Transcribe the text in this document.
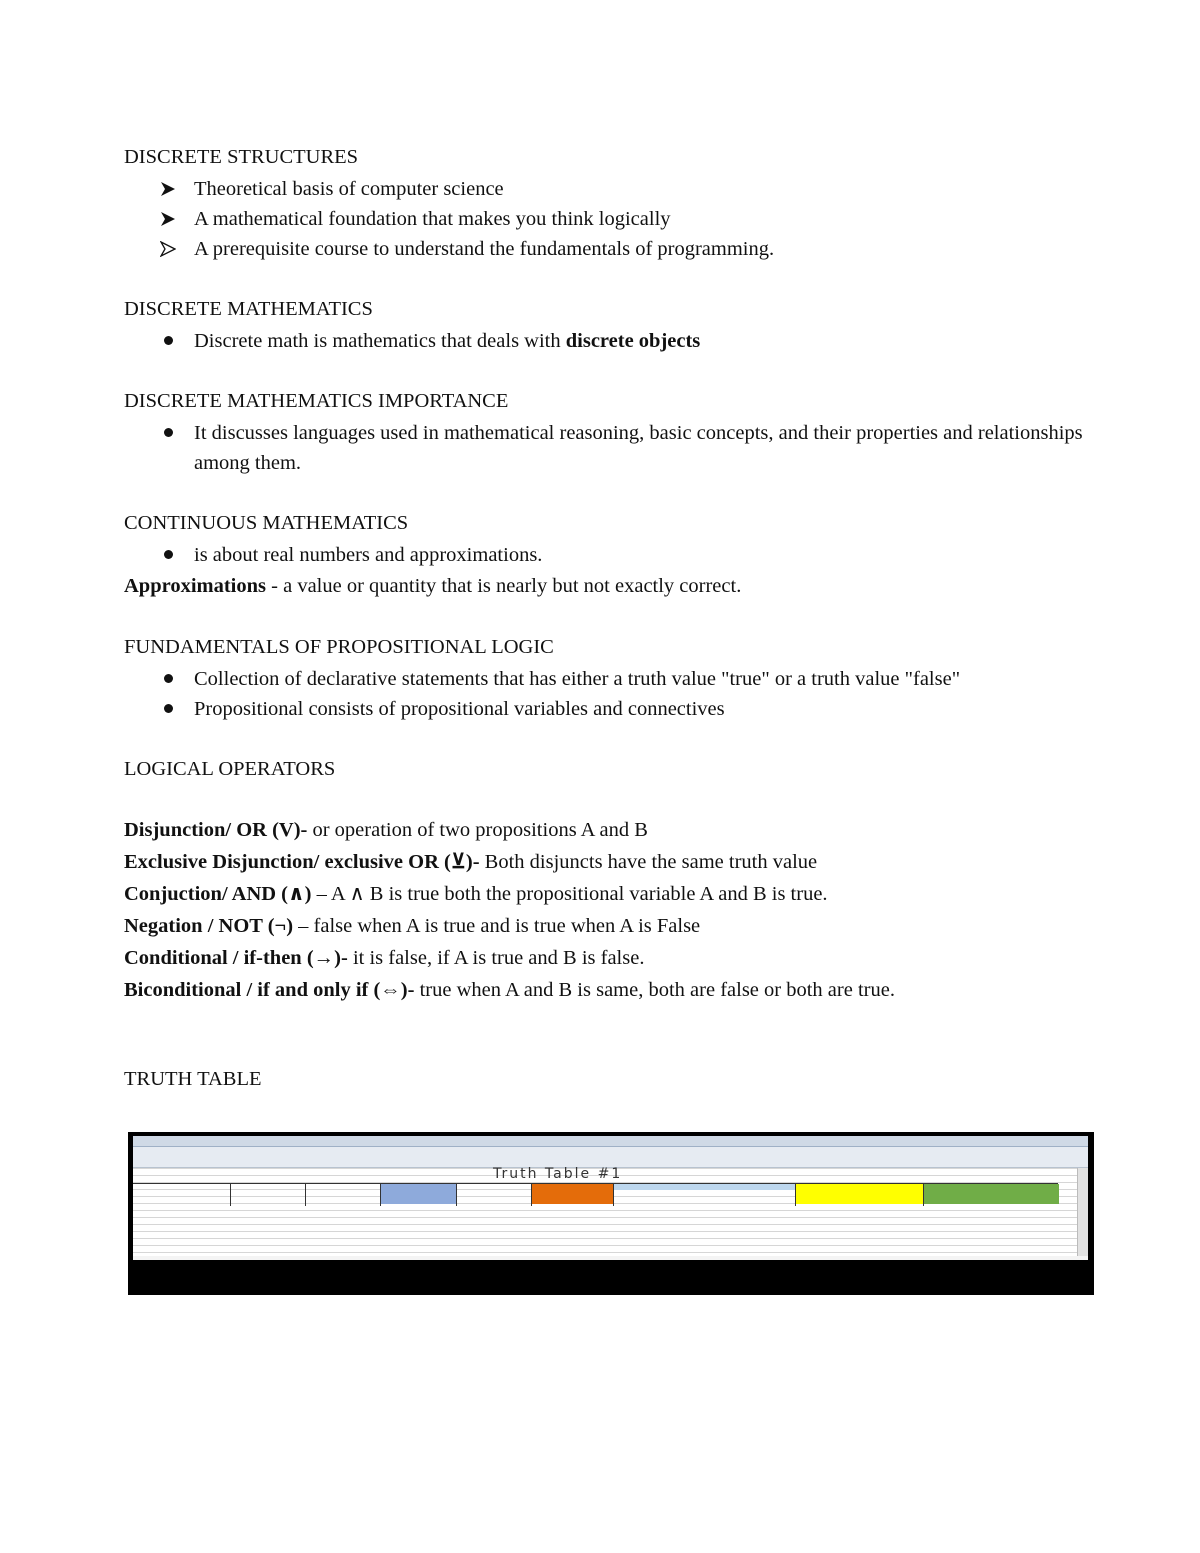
DISCRETE STRUCTURES
Theoretical basis of computer science
A mathematical foundation that makes you think logically
A prerequisite course to understand the fundamentals of programming.
DISCRETE MATHEMATICS
Discrete math is mathematics that deals with discrete objects
DISCRETE MATHEMATICS IMPORTANCE
It discusses languages used in mathematical reasoning, basic concepts, and their properties and relationships among them.
CONTINUOUS MATHEMATICS
is about real numbers and approximations.
Approximations - a value or quantity that is nearly but not exactly correct.
FUNDAMENTALS OF PROPOSITIONAL LOGIC
Collection of declarative statements that has either a truth value "true" or a truth value "false"
Propositional consists of propositional variables and connectives
LOGICAL OPERATORS
Disjunction/ OR (V)- or operation of two propositions A and B
Exclusive Disjunction/ exclusive OR (⊻)- Both disjuncts have the same truth value
Conjuction/ AND (∧) – A ∧ B is true both the propositional variable A and B is true.
Negation / NOT (¬) – false when A is true and is true when A is False
Conditional / if-then (→)- it is false, if A is true and B is false.
Biconditional / if and only if (⇔)- true when A and B is same, both are false or both are true.
TRUTH TABLE
Truth Table #1
